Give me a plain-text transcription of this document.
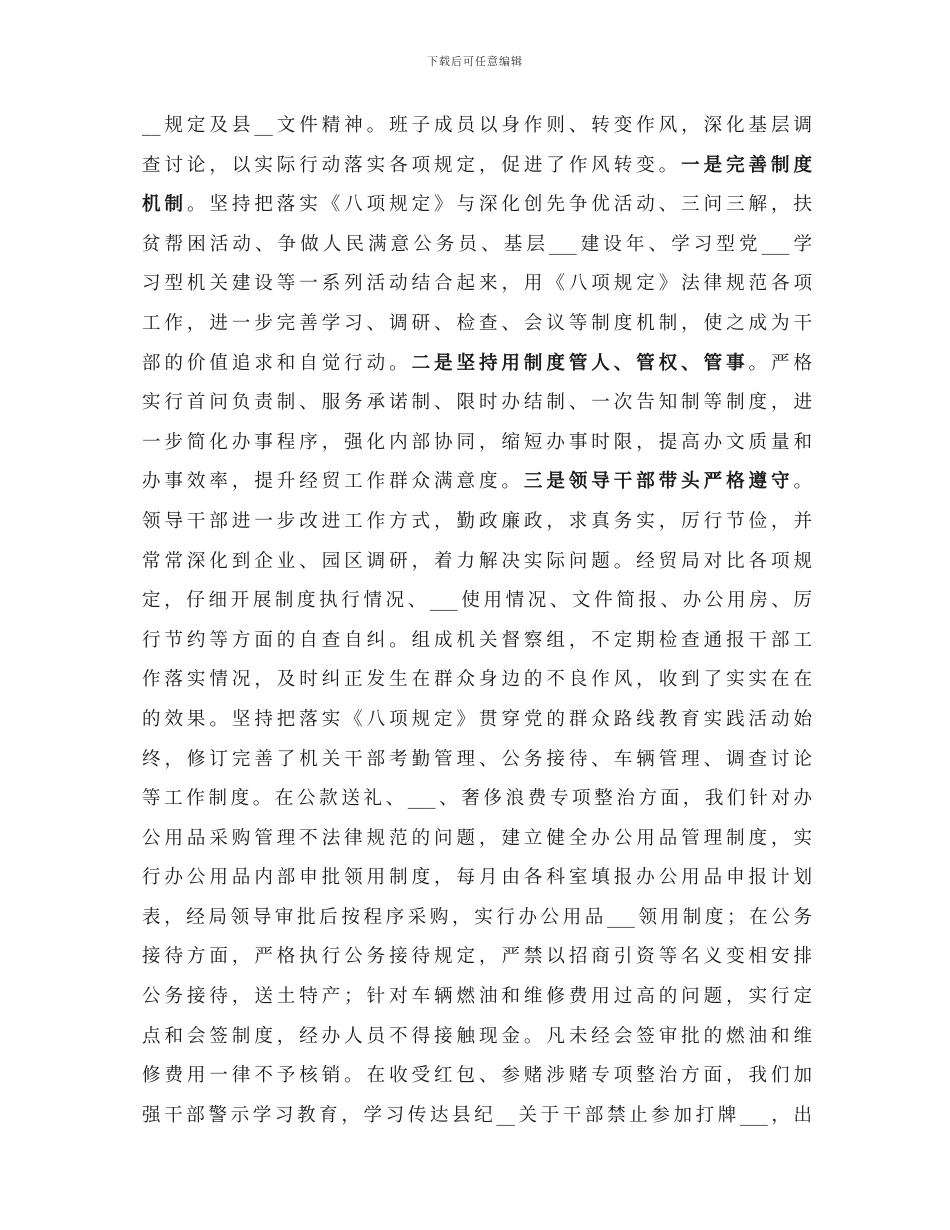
下载后可任意编辑
__规定及县__文件精神。班子成员以身作则、转变作风，深化基层调
查讨论，以实际行动落实各项规定，促进了作风转变。一是完善制度
机制。坚持把落实《八项规定》与深化创先争优活动、三问三解，扶
贫帮困活动、争做人民满意公务员、基层___建设年、学习型党___学
习型机关建设等一系列活动结合起来，用《八项规定》法律规范各项
工作，进一步完善学习、调研、检查、会议等制度机制，使之成为干
部的价值追求和自觉行动。二是坚持用制度管人、管权、管事。严格
实行首问负责制、服务承诺制、限时办结制、一次告知制等制度，进
一步简化办事程序，强化内部协同，缩短办事时限，提高办文质量和
办事效率，提升经贸工作群众满意度。三是领导干部带头严格遵守。
领导干部进一步改进工作方式，勤政廉政，求真务实，厉行节俭，并
常常深化到企业、园区调研，着力解决实际问题。经贸局对比各项规
定，仔细开展制度执行情况、___使用情况、文件简报、办公用房、厉
行节约等方面的自查自纠。组成机关督察组，不定期检查通报干部工
作落实情况，及时纠正发生在群众身边的不良作风，收到了实实在在
的效果。坚持把落实《八项规定》贯穿党的群众路线教育实践活动始
终，修订完善了机关干部考勤管理、公务接待、车辆管理、调查讨论
等工作制度。在公款送礼、___、奢侈浪费专项整治方面，我们针对办
公用品采购管理不法律规范的问题，建立健全办公用品管理制度，实
行办公用品内部申批领用制度，每月由各科室填报办公用品申报计划
表，经局领导审批后按程序采购，实行办公用品___领用制度；在公务
接待方面，严格执行公务接待规定，严禁以招商引资等名义变相安排
公务接待，送土特产；针对车辆燃油和维修费用过高的问题，实行定
点和会签制度，经办人员不得接触现金。凡未经会签审批的燃油和维
修费用一律不予核销。在收受红包、参赌涉赌专项整治方面，我们加
强干部警示学习教育，学习传达县纪__关于干部禁止参加打牌___，出
